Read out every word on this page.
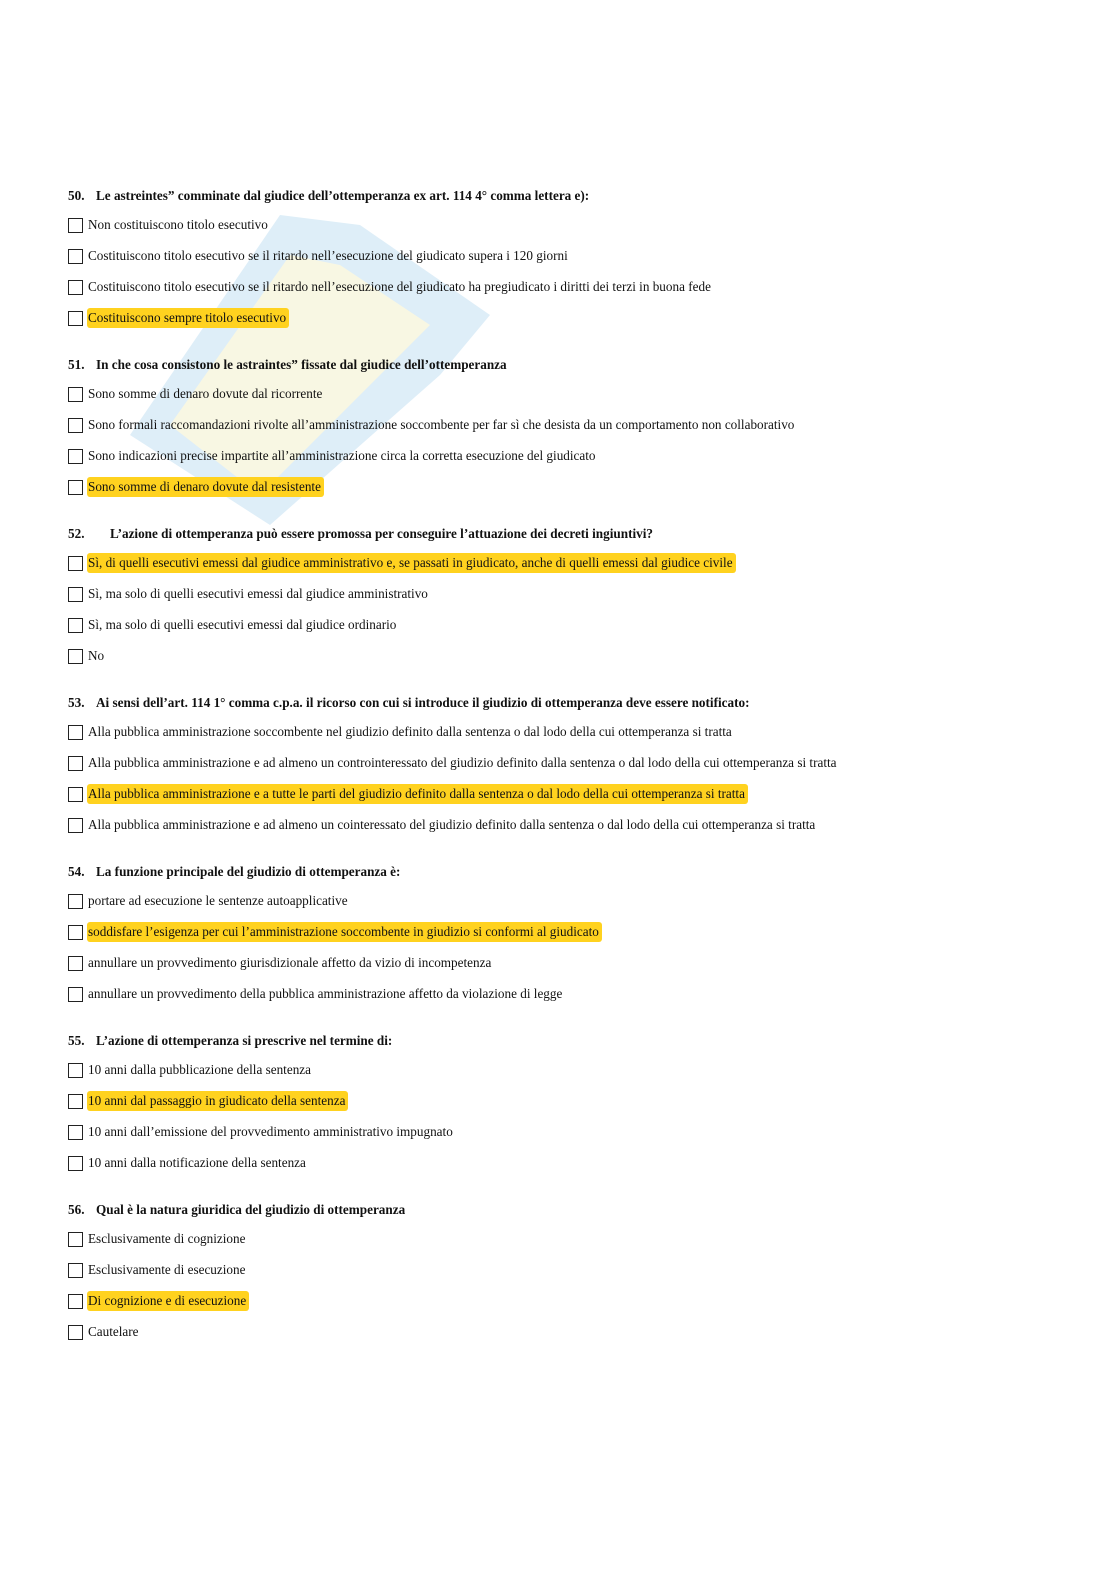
50. Le astreintes” comminate dal giudice dell’ottemperanza ex art. 114 4° comma lettera e):
Non costituiscono titolo esecutivo
Costituiscono titolo esecutivo se il ritardo nell’esecuzione del giudicato supera i 120 giorni
Costituiscono titolo esecutivo se il ritardo nell’esecuzione del giudicato ha pregiudicato i diritti dei terzi in buona fede
Costituiscono sempre titolo esecutivo
51. In che cosa consistono le astraintes” fissate dal giudice dell’ottemperanza
Sono somme di denaro dovute dal ricorrente
Sono formali raccomandazioni rivolte all’amministrazione soccombente per far sì che desista da un comportamento non collaborativo
Sono indicazioni precise impartite all’amministrazione circa la corretta esecuzione del giudicato
Sono somme di denaro dovute dal resistente
52. L’azione di ottemperanza può essere promossa per conseguire l’attuazione dei decreti ingiuntivi?
Sì, di quelli esecutivi emessi dal giudice amministrativo e, se passati in giudicato, anche di quelli emessi dal giudice civile
Sì, ma solo di quelli esecutivi emessi dal giudice amministrativo
Sì, ma solo di quelli esecutivi emessi dal giudice ordinario
No
53. Ai sensi dell’art. 114 1° comma c.p.a. il ricorso con cui si introduce il giudizio di ottemperanza deve essere notificato:
Alla pubblica amministrazione soccombente nel giudizio definito dalla sentenza o dal lodo della cui ottemperanza si tratta
Alla pubblica amministrazione e ad almeno un controinteressato del giudizio definito dalla sentenza o dal lodo della cui ottemperanza si tratta
Alla pubblica amministrazione e a tutte le parti del giudizio definito dalla sentenza o dal lodo della cui ottemperanza si tratta
Alla pubblica amministrazione e ad almeno un cointeressato del giudizio definito dalla sentenza o dal lodo della cui ottemperanza si tratta
54. La funzione principale del giudizio di ottemperanza è:
portare ad esecuzione le sentenze autoapplicative
soddisfare l’esigenza per cui l’amministrazione soccombente in giudizio si conformi al giudicato
annullare un provvedimento giurisdizionale affetto da vizio di incompetenza
annullare un provvedimento della pubblica amministrazione affetto da violazione di legge
55. L’azione di ottemperanza si prescrive nel termine di:
10 anni dalla pubblicazione della sentenza
10 anni dal passaggio in giudicato della sentenza
10 anni dall’emissione del provvedimento amministrativo impugnato
10 anni dalla notificazione della sentenza
56. Qual è la natura giuridica del giudizio di ottemperanza
Esclusivamente di cognizione
Esclusivamente di esecuzione
Di cognizione e di esecuzione
Cautelare
